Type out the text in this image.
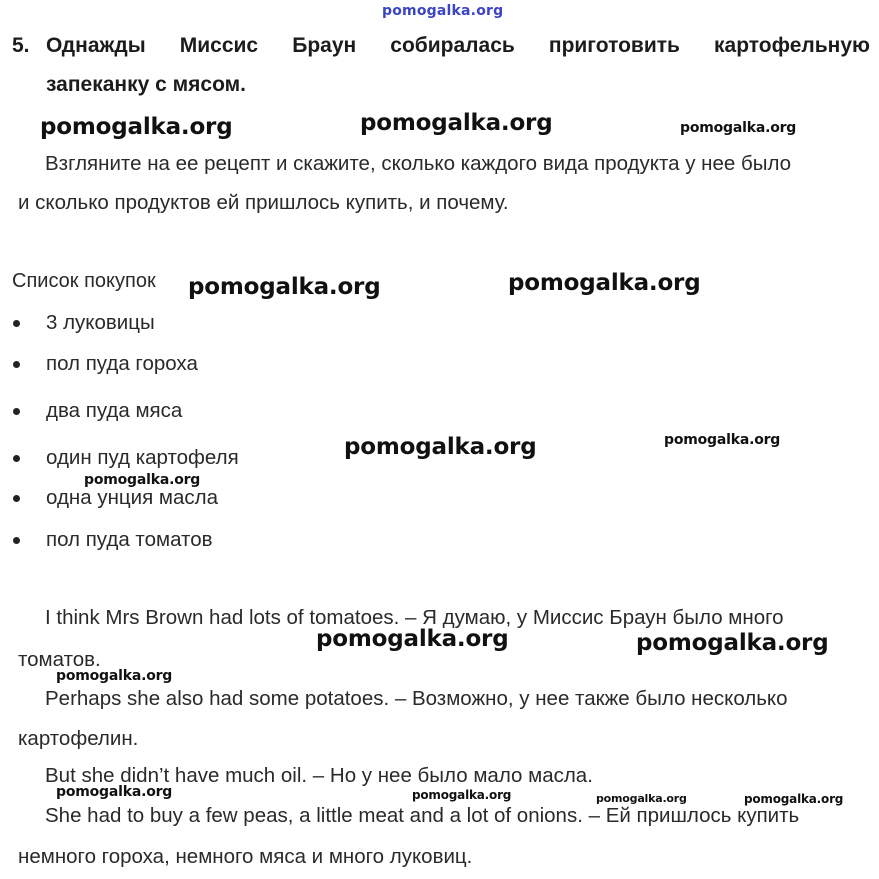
pomogalka.org
5. Однажды Миссис Браун собиралась приготовить картофельную
запеканку с мясом.
Взгляните на ее рецепт и скажите, сколько каждого вида продукта у нее было
и сколько продуктов ей пришлось купить, и почему.
Список покупок
3 луковицы
пол пуда гороха
два пуда мяса
один пуд картофеля
одна унция масла
пол пуда томатов
I think Mrs Brown had lots of tomatoes. – Я думаю, у Миссис Браун было много
томатов.
Perhaps she also had some potatoes. – Возможно, у нее также было несколько
картофелин.
But she didn’t have much oil. – Но у нее было мало масла.
She had to buy a few peas, a little meat and a lot of onions. – Ей пришлось купить
немного гороха, немного мяса и много луковиц.
pomogalka.org	pomogalka.org	pomogalka.org
pomogalka.org	pomogalka.org
pomogalka.org	pomogalka.org
pomogalka.org
pomogalka.org	pomogalka.org
pomogalka.org
pomogalka.org	pomogalka.org	pomogalka.org	pomogalka.org
